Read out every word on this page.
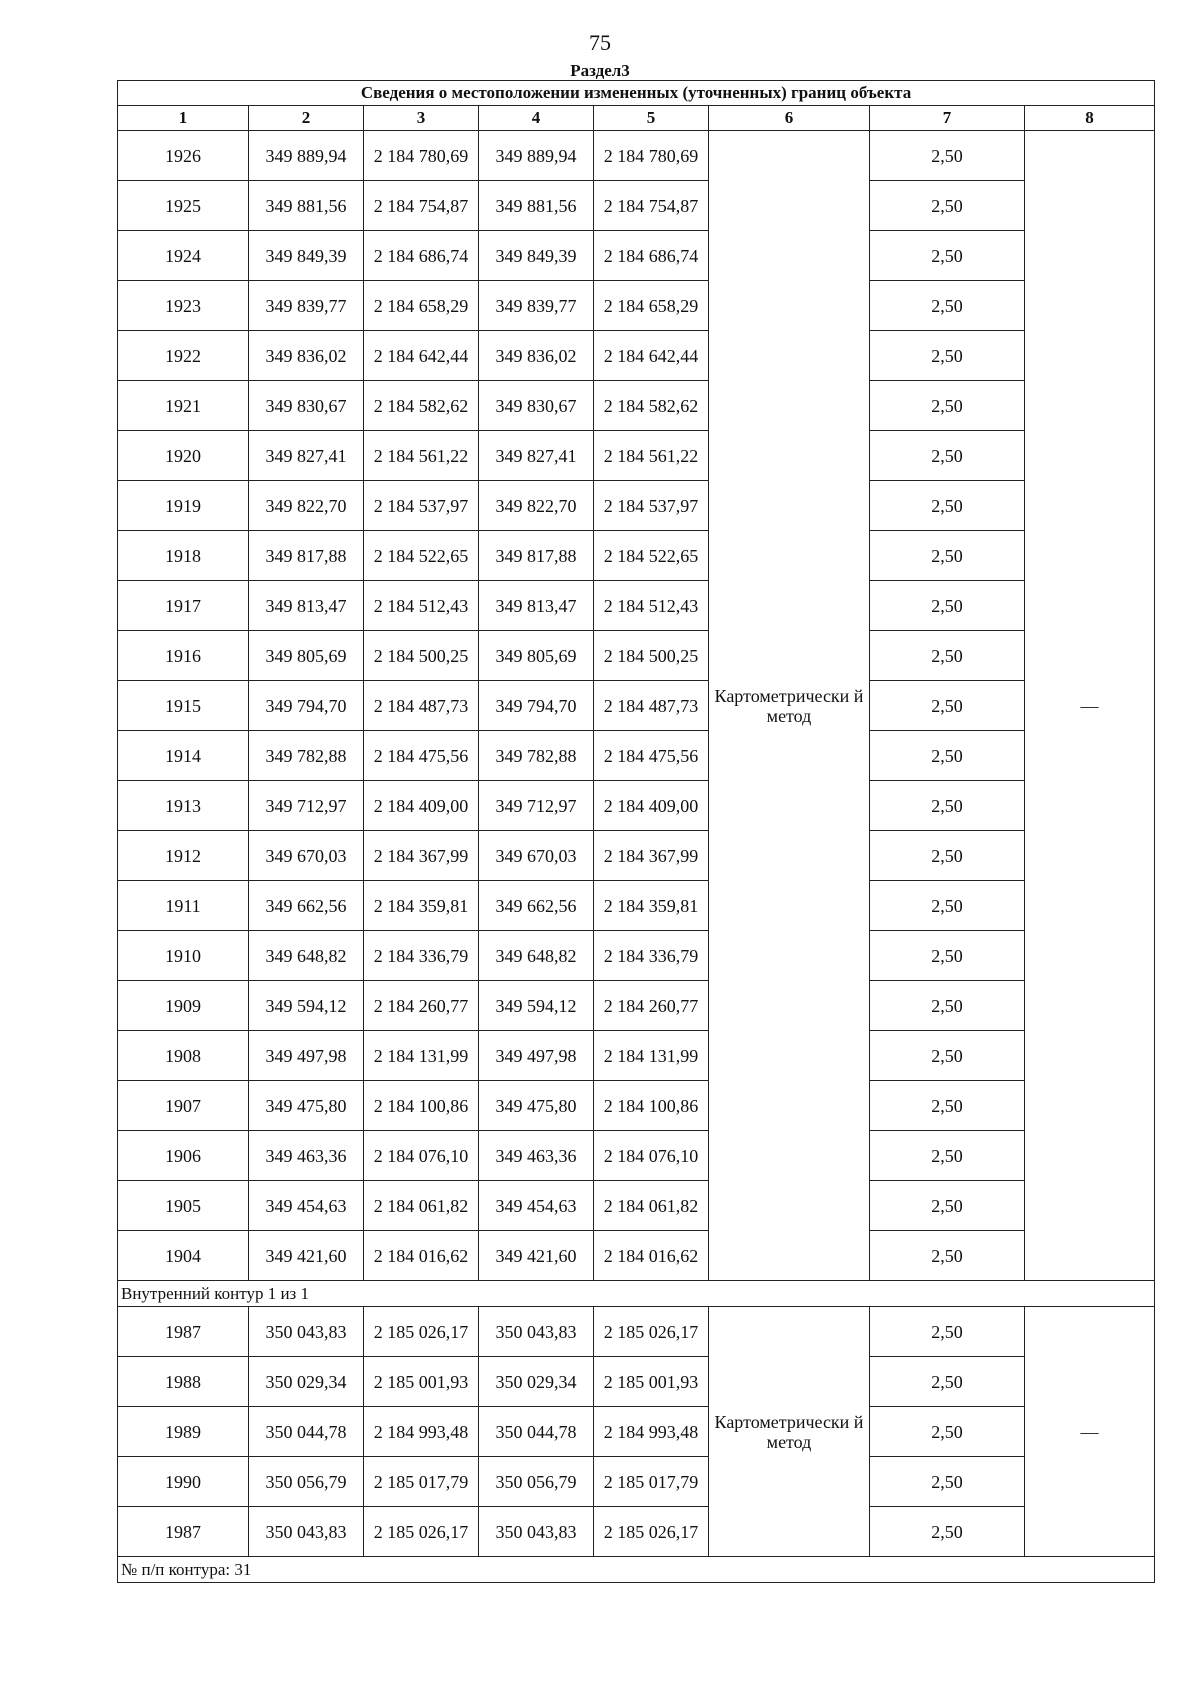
75
Раздел3
Сведения о местоположении измененных (уточненных) границ объекта							
1	2	3	4	5	6	7	8
1926	349 889,94	2 184 780,69	349 889,94	2 184 780,69	Картометрически й метод	2,50	—
1925	349 881,56	2 184 754,87	349 881,56	2 184 754,87		2,50	
1924	349 849,39	2 184 686,74	349 849,39	2 184 686,74		2,50	
1923	349 839,77	2 184 658,29	349 839,77	2 184 658,29		2,50	
1922	349 836,02	2 184 642,44	349 836,02	2 184 642,44		2,50	
1921	349 830,67	2 184 582,62	349 830,67	2 184 582,62		2,50	
1920	349 827,41	2 184 561,22	349 827,41	2 184 561,22		2,50	
1919	349 822,70	2 184 537,97	349 822,70	2 184 537,97		2,50	
1918	349 817,88	2 184 522,65	349 817,88	2 184 522,65		2,50	
1917	349 813,47	2 184 512,43	349 813,47	2 184 512,43		2,50	
1916	349 805,69	2 184 500,25	349 805,69	2 184 500,25		2,50	
1915	349 794,70	2 184 487,73	349 794,70	2 184 487,73		2,50	
1914	349 782,88	2 184 475,56	349 782,88	2 184 475,56		2,50	
1913	349 712,97	2 184 409,00	349 712,97	2 184 409,00		2,50	
1912	349 670,03	2 184 367,99	349 670,03	2 184 367,99		2,50	
1911	349 662,56	2 184 359,81	349 662,56	2 184 359,81		2,50	
1910	349 648,82	2 184 336,79	349 648,82	2 184 336,79		2,50	
1909	349 594,12	2 184 260,77	349 594,12	2 184 260,77		2,50	
1908	349 497,98	2 184 131,99	349 497,98	2 184 131,99		2,50	
1907	349 475,80	2 184 100,86	349 475,80	2 184 100,86		2,50	
1906	349 463,36	2 184 076,10	349 463,36	2 184 076,10		2,50	
1905	349 454,63	2 184 061,82	349 454,63	2 184 061,82		2,50	
1904	349 421,60	2 184 016,62	349 421,60	2 184 016,62		2,50	
Внутренний контур 1 из 1							
1987	350 043,83	2 185 026,17	350 043,83	2 185 026,17	Картометрически й метод	2,50	—
1988	350 029,34	2 185 001,93	350 029,34	2 185 001,93		2,50	
1989	350 044,78	2 184 993,48	350 044,78	2 184 993,48		2,50	
1990	350 056,79	2 185 017,79	350 056,79	2 185 017,79		2,50	
1987	350 043,83	2 185 026,17	350 043,83	2 185 026,17		2,50	
№ п/п контура: 31							
